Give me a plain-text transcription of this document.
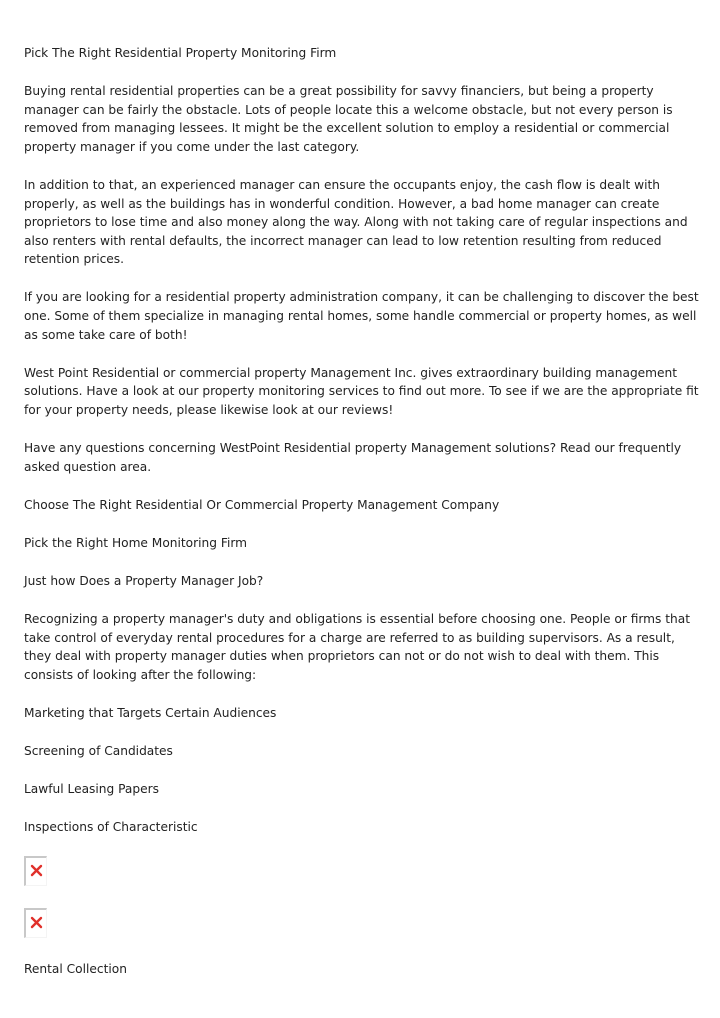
Pick The Right Residential Property Monitoring Firm

Buying rental residential properties can be a great possibility for savvy financiers, but being a property manager can be fairly the obstacle. Lots of people locate this a welcome obstacle, but not every person is removed from managing lessees. It might be the excellent solution to employ a residential or commercial property manager if you come under the last category.

In addition to that, an experienced manager can ensure the occupants enjoy, the cash flow is dealt with properly, as well as the buildings has in wonderful condition. However, a bad home manager can create proprietors to lose time and also money along the way. Along with not taking care of regular inspections and also renters with rental defaults, the incorrect manager can lead to low retention resulting from reduced retention prices.

If you are looking for a residential property administration company, it can be challenging to discover the best one. Some of them specialize in managing rental homes, some handle commercial or property homes, as well as some take care of both!

West Point Residential or commercial property Management Inc. gives extraordinary building management solutions. Have a look at our property monitoring services to find out more. To see if we are the appropriate fit for your property needs, please likewise look at our reviews!

Have any questions concerning WestPoint Residential property Management solutions? Read our frequently asked question area.

Choose The Right Residential Or Commercial Property Management Company

Pick the Right Home Monitoring Firm

Just how Does a Property Manager Job?

Recognizing a property manager's duty and obligations is essential before choosing one. People or firms that take control of everyday rental procedures for a charge are referred to as building supervisors. As a result, they deal with property manager duties when proprietors can not or do not wish to deal with them. This consists of looking after the following:

Marketing that Targets Certain Audiences

Screening of Candidates

Lawful Leasing Papers

Inspections of Characteristic

Rental Collection
